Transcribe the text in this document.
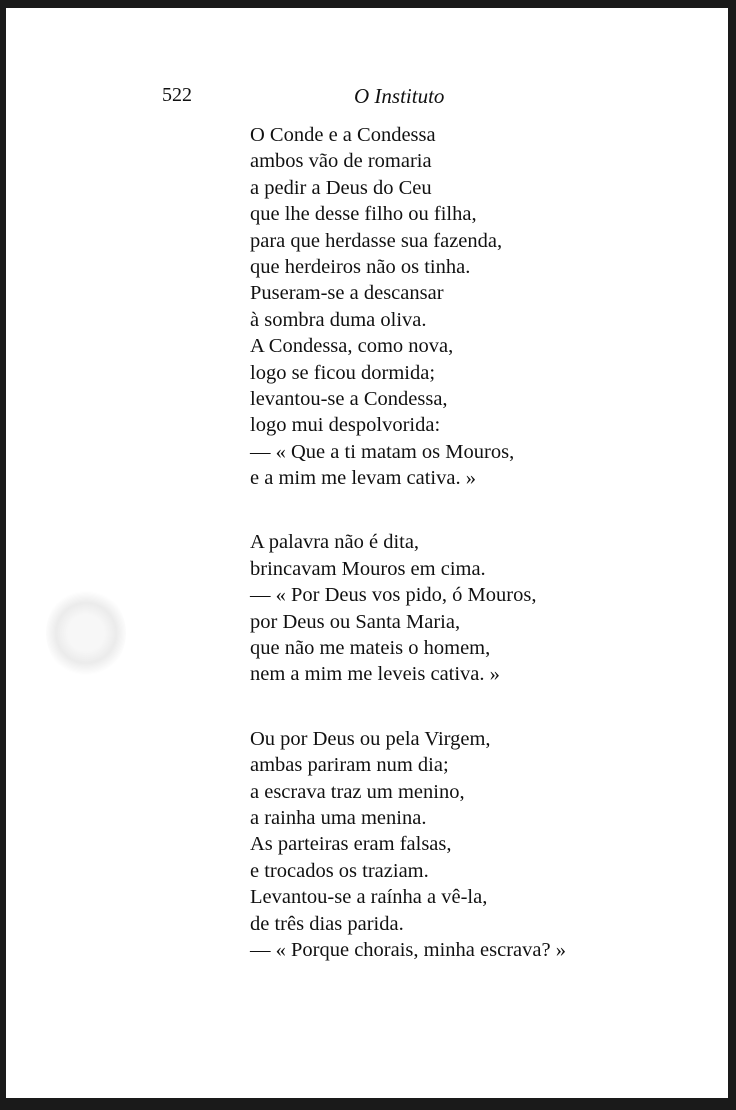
522	O Instituto
O Conde e a Condessa
ambos vão de romaria
a pedir a Deus do Ceu
que lhe desse filho ou filha,
para que herdasse sua fazenda,
que herdeiros não os tinha.
Puseram-se a descansar
à sombra duma oliva.
A Condessa, como nova,
logo se ficou dormida;
levantou-se a Condessa,
logo mui despolvorida:
— « Que a ti matam os Mouros,
e a mim me levam cativa. »
A palavra não é dita,
brincavam Mouros em cima.
— « Por Deus vos pido, ó Mouros,
por Deus ou Santa Maria,
que não me mateis o homem,
nem a mim me leveis cativa. »
Ou por Deus ou pela Virgem,
ambas pariram num dia;
a escrava traz um menino,
a rainha uma menina.
As parteiras eram falsas,
e trocados os traziam.
Levantou-se a raínha a vê-la,
de três dias parida.
— « Porque chorais, minha escrava? »
